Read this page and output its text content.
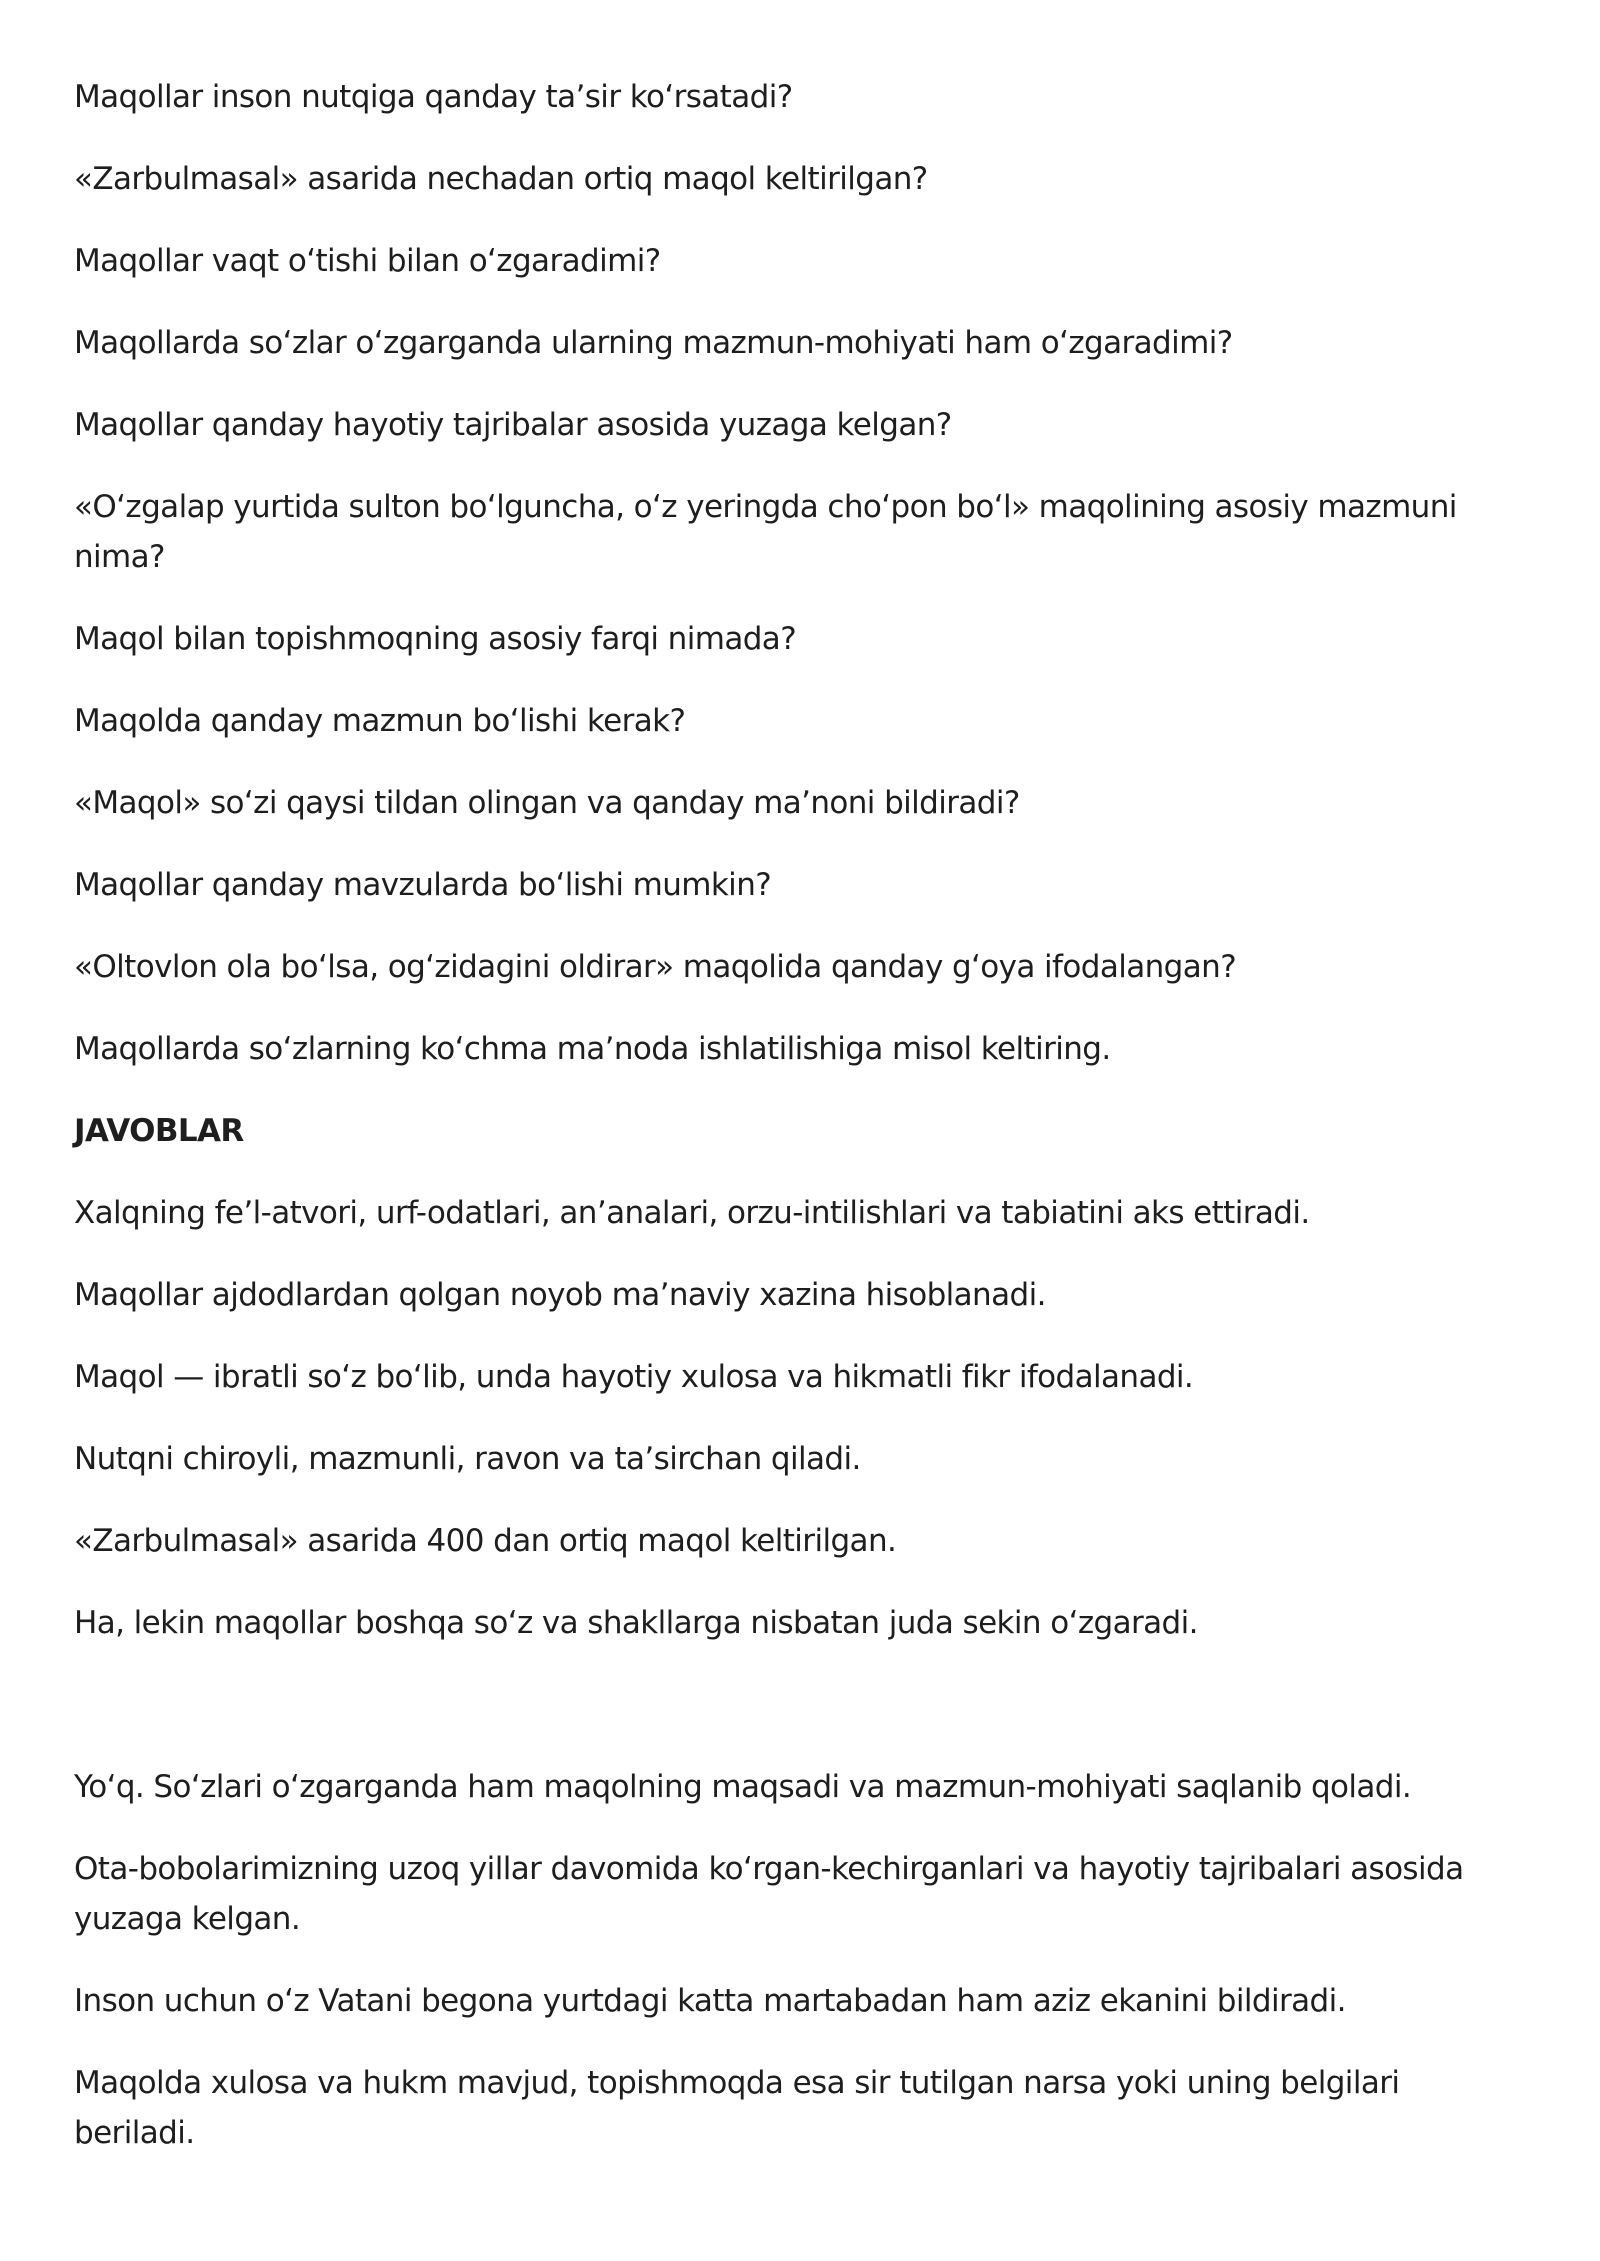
Maqollar inson nutqiga qanday ta’sir ko‘rsatadi?

«Zarbulmasal» asarida nechadan ortiq maqol keltirilgan?

Maqollar vaqt o‘tishi bilan o‘zgaradimi?

Maqollarda so‘zlar o‘zgarganda ularning mazmun-mohiyati ham o‘zgaradimi?

Maqollar qanday hayotiy tajribalar asosida yuzaga kelgan?

«O‘zgalap yurtida sulton bo‘lguncha, o‘z yeringda cho‘pon bo‘l» maqolining asosiy mazmuni nima?

Maqol bilan topishmoqning asosiy farqi nimada?

Maqolda qanday mazmun bo‘lishi kerak?

«Maqol» so‘zi qaysi tildan olingan va qanday ma’noni bildiradi?

Maqollar qanday mavzularda bo‘lishi mumkin?

«Oltovlon ola bo‘lsa, og‘zidagini oldirar» maqolida qanday g‘oya ifodalangan?

Maqollarda so‘zlarning ko‘chma ma’noda ishlatilishiga misol keltiring.

JAVOBLAR

Xalqning fe’l-atvori, urf-odatlari, an’analari, orzu-intilishlari va tabiatini aks ettiradi.

Maqollar ajdodlardan qolgan noyob ma’naviy xazina hisoblanadi.

Maqol — ibratli so‘z bo‘lib, unda hayotiy xulosa va hikmatli fikr ifodalanadi.

Nutqni chiroyli, mazmunli, ravon va ta’sirchan qiladi.

«Zarbulmasal» asarida 400 dan ortiq maqol keltirilgan.

Ha, lekin maqollar boshqa so‘z va shakllarga nisbatan juda sekin o‘zgaradi.

Yo‘q. So‘zlari o‘zgarganda ham maqolning maqsadi va mazmun-mohiyati saqlanib qoladi.

Ota-bobolarimizning uzoq yillar davomida ko‘rgan-kechirganlari va hayotiy tajribalari asosida yuzaga kelgan.

Inson uchun o‘z Vatani begona yurtdagi katta martabadan ham aziz ekanini bildiradi.

Maqolda xulosa va hukm mavjud, topishmoqda esa sir tutilgan narsa yoki uning belgilari beriladi.
